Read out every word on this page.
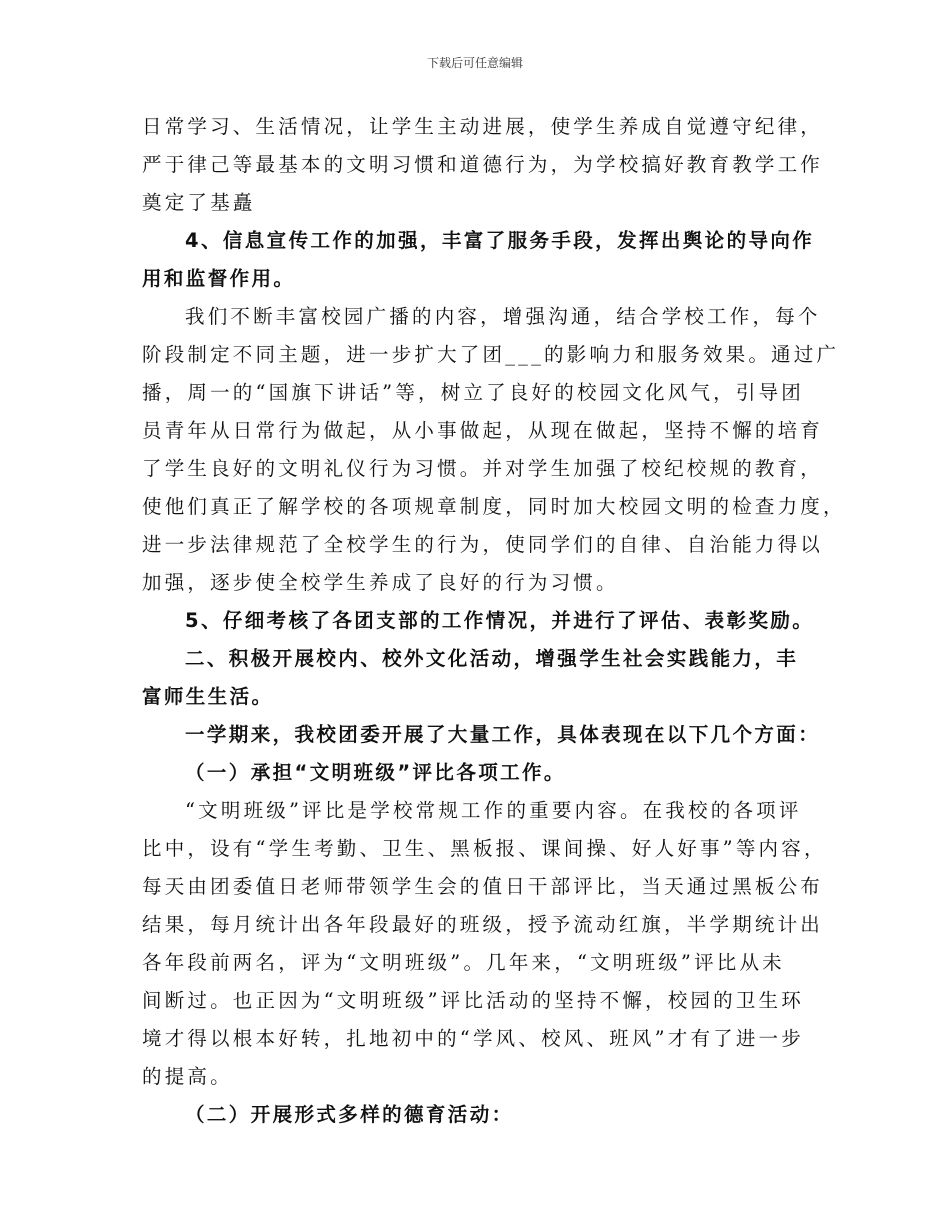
下载后可任意编辑
日常学习、生活情况，让学生主动进展，使学生养成自觉遵守纪律，
严于律己等最基本的文明习惯和道德行为，为学校搞好教育教学工作
奠定了基矗
4、信息宣传工作的加强，丰富了服务手段，发挥出舆论的导向作
用和监督作用。
我们不断丰富校园广播的内容，增强沟通，结合学校工作，每个
阶段制定不同主题，进一步扩大了团___的影响力和服务效果。通过广
播，周一的“国旗下讲话”等，树立了良好的校园文化风气，引导团
员青年从日常行为做起，从小事做起，从现在做起，坚持不懈的培育
了学生良好的文明礼仪行为习惯。并对学生加强了校纪校规的教育，
使他们真正了解学校的各项规章制度，同时加大校园文明的检查力度，
进一步法律规范了全校学生的行为，使同学们的自律、自治能力得以
加强，逐步使全校学生养成了良好的行为习惯。
5、仔细考核了各团支部的工作情况，并进行了评估、表彰奖励。
二、积极开展校内、校外文化活动，增强学生社会实践能力，丰
富师生生活。
一学期来，我校团委开展了大量工作，具体表现在以下几个方面：
（一）承担“文明班级”评比各项工作。
“文明班级”评比是学校常规工作的重要内容。在我校的各项评
比中，设有“学生考勤、卫生、黑板报、课间操、好人好事”等内容，
每天由团委值日老师带领学生会的值日干部评比，当天通过黑板公布
结果，每月统计出各年段最好的班级，授予流动红旗，半学期统计出
各年段前两名，评为“文明班级”。几年来，“文明班级”评比从未
间断过。也正因为“文明班级”评比活动的坚持不懈，校园的卫生环
境才得以根本好转，扎地初中的“学风、校风、班风”才有了进一步
的提高。
（二）开展形式多样的德育活动：
